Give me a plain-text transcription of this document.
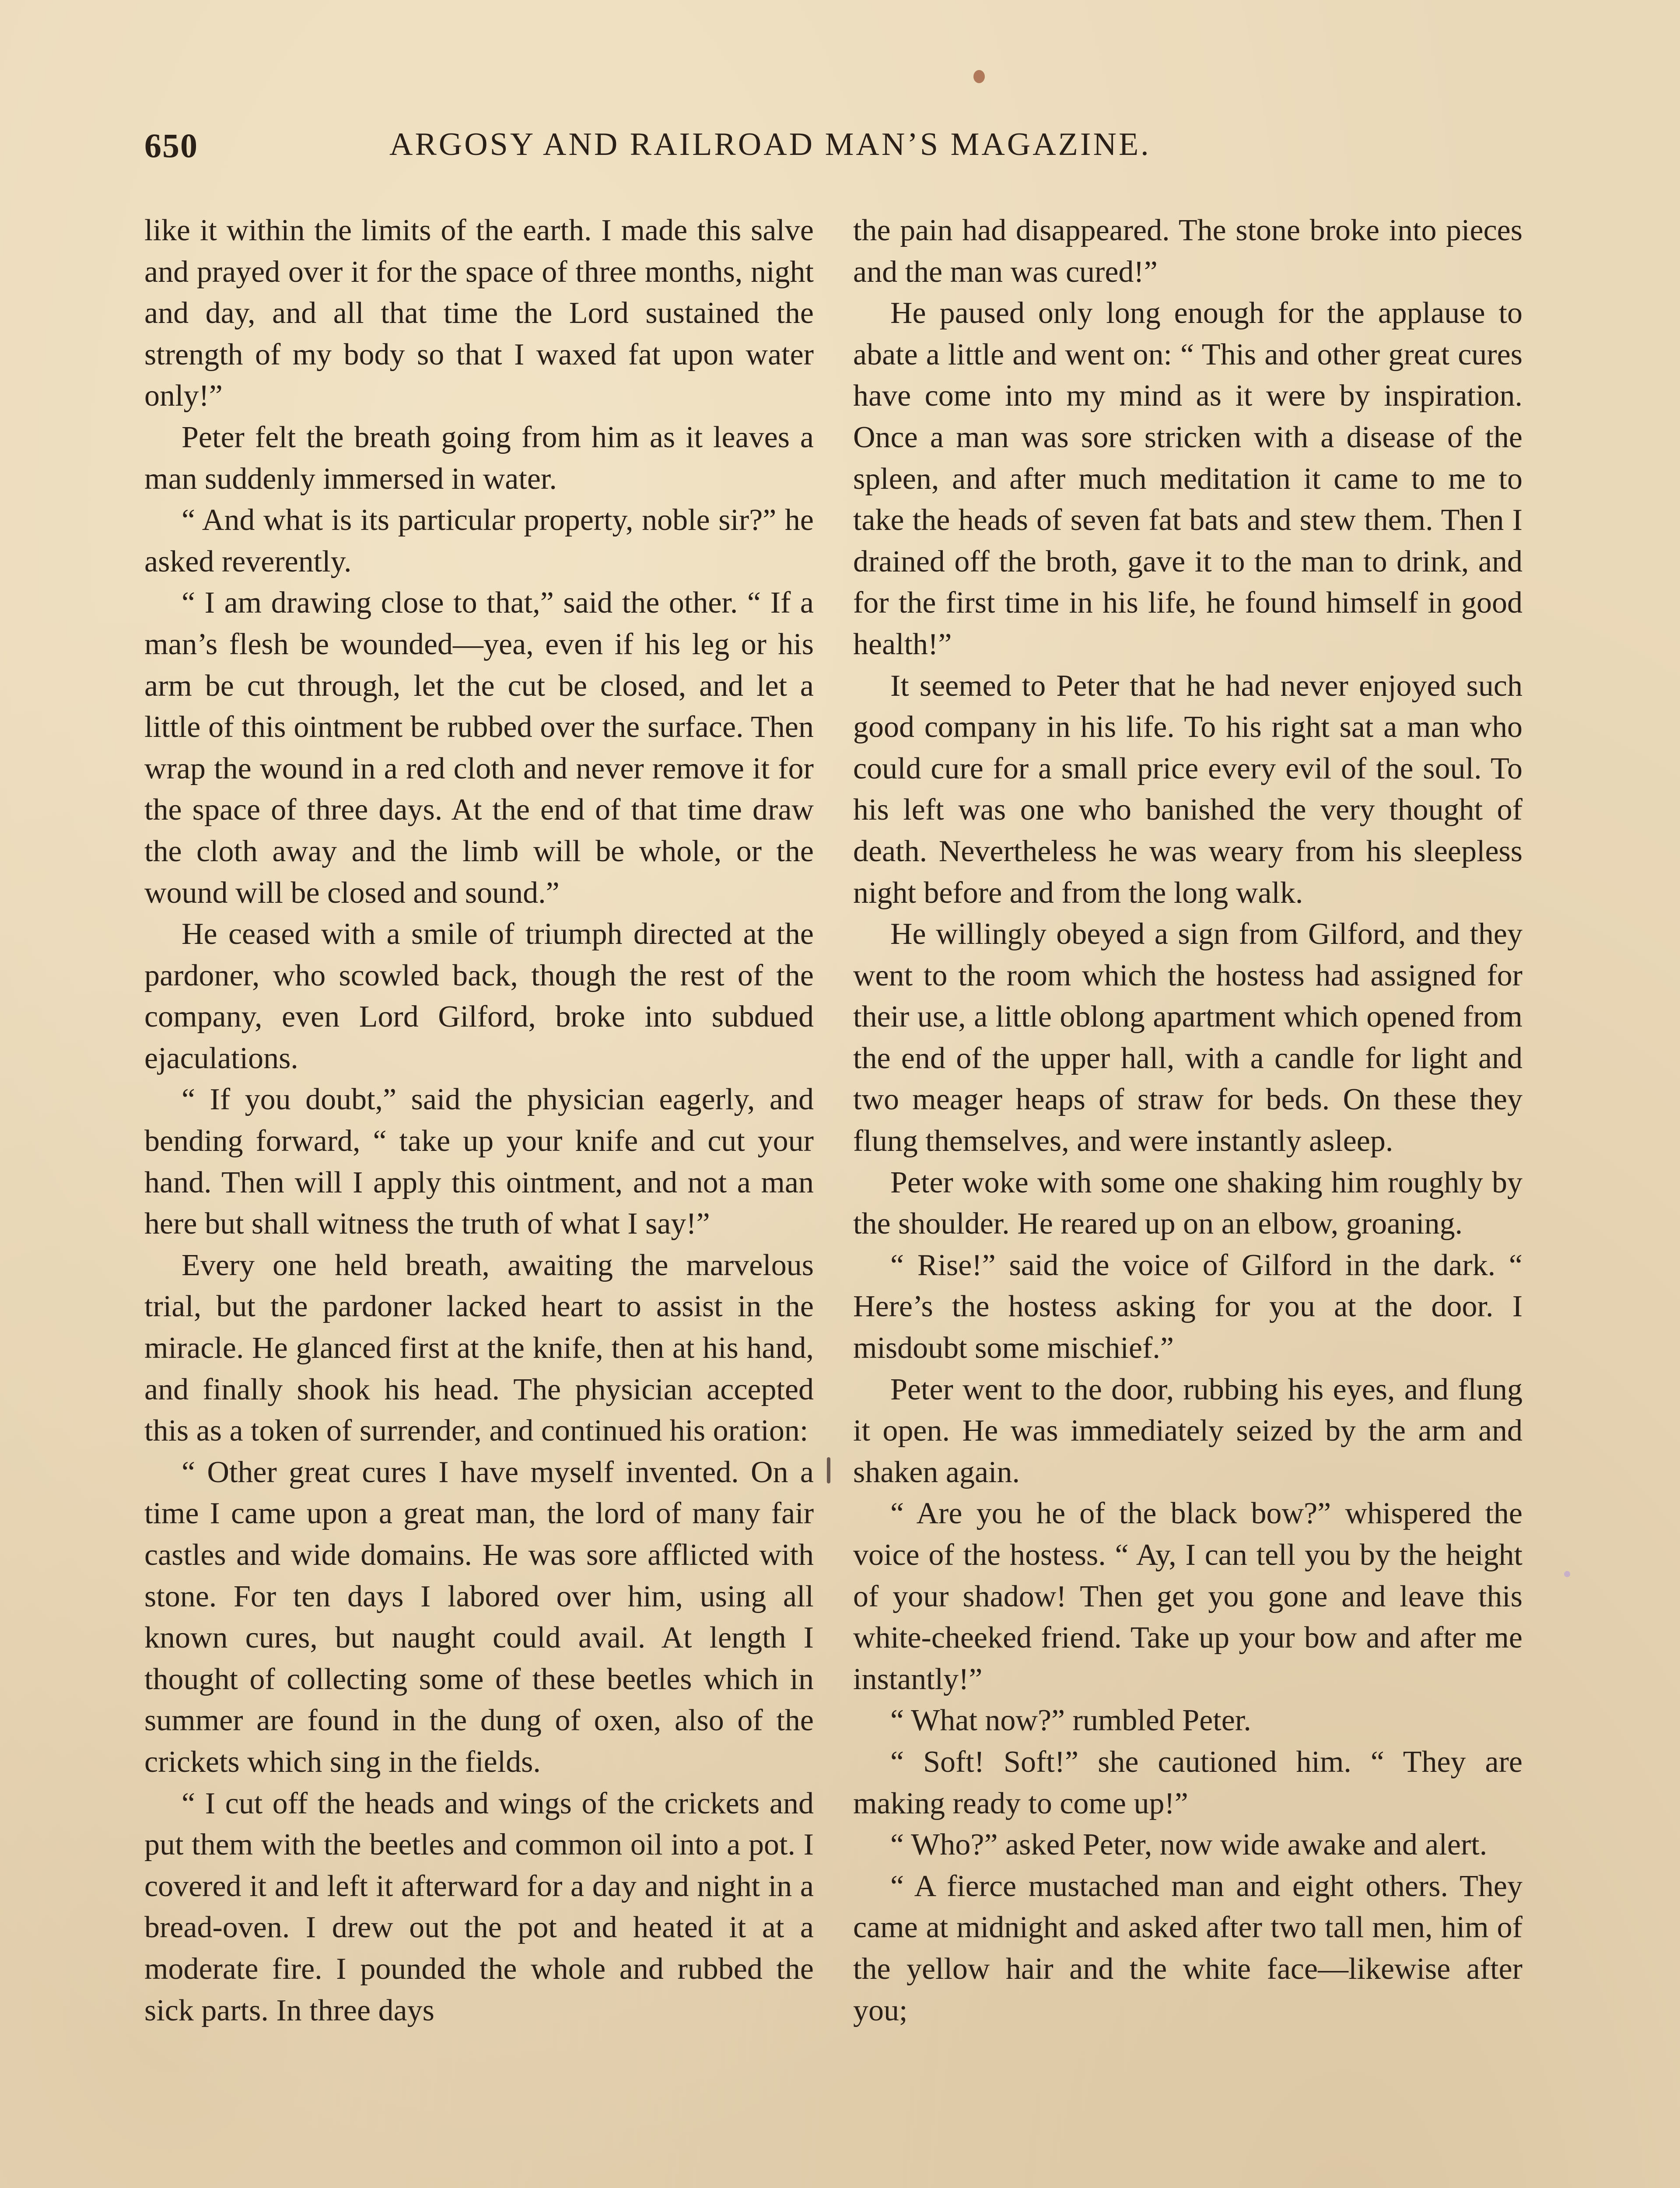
650	ARGOSY AND RAILROAD MAN’S MAGAZINE.

like it within the limits of the earth. I made this salve and prayed over it for the space of three months, night and day, and all that time the Lord sustained the strength of my body so that I waxed fat upon water only!”

Peter felt the breath going from him as it leaves a man suddenly immersed in water.

“ And what is its particular property, noble sir?” he asked reverently.

“ I am drawing close to that,” said the other. “ If a man’s flesh be wounded—yea, even if his leg or his arm be cut through, let the cut be closed, and let a little of this ointment be rubbed over the surface. Then wrap the wound in a red cloth and never remove it for the space of three days. At the end of that time draw the cloth away and the limb will be whole, or the wound will be closed and sound.”

He ceased with a smile of triumph directed at the pardoner, who scowled back, though the rest of the company, even Lord Gilford, broke into subdued ejaculations.

“ If you doubt,” said the physician eagerly, and bending forward, “ take up your knife and cut your hand. Then will I apply this ointment, and not a man here but shall witness the truth of what I say!”

Every one held breath, awaiting the marvelous trial, but the pardoner lacked heart to assist in the miracle. He glanced first at the knife, then at his hand, and finally shook his head. The physician accepted this as a token of surrender, and continued his oration:

“ Other great cures I have myself invented. On a time I came upon a great man, the lord of many fair castles and wide domains. He was sore afflicted with stone. For ten days I labored over him, using all known cures, but naught could avail. At length I thought of collecting some of these beetles which in summer are found in the dung of oxen, also of the crickets which sing in the fields.

“ I cut off the heads and wings of the crickets and put them with the beetles and common oil into a pot. I covered it and left it afterward for a day and night in a bread-oven. I drew out the pot and heated it at a moderate fire. I pounded the whole and rubbed the sick parts. In three days

the pain had disappeared. The stone broke into pieces and the man was cured!”

He paused only long enough for the applause to abate a little and went on: “ This and other great cures have come into my mind as it were by inspiration. Once a man was sore stricken with a disease of the spleen, and after much meditation it came to me to take the heads of seven fat bats and stew them. Then I drained off the broth, gave it to the man to drink, and for the first time in his life, he found himself in good health!”

It seemed to Peter that he had never enjoyed such good company in his life. To his right sat a man who could cure for a small price every evil of the soul. To his left was one who banished the very thought of death. Nevertheless he was weary from his sleepless night before and from the long walk.

He willingly obeyed a sign from Gilford, and they went to the room which the hostess had assigned for their use, a little oblong apartment which opened from the end of the upper hall, with a candle for light and two meager heaps of straw for beds. On these they flung themselves, and were instantly asleep.

Peter woke with some one shaking him roughly by the shoulder. He reared up on an elbow, groaning.

“ Rise!” said the voice of Gilford in the dark. “ Here’s the hostess asking for you at the door. I misdoubt some mischief.”

Peter went to the door, rubbing his eyes, and flung it open. He was immediately seized by the arm and shaken again.

“ Are you he of the black bow?” whispered the voice of the hostess. “ Ay, I can tell you by the height of your shadow! Then get you gone and leave this white-cheeked friend. Take up your bow and after me instantly!”

“ What now?” rumbled Peter.

“ Soft! Soft!” she cautioned him. “ They are making ready to come up!”

“ Who?” asked Peter, now wide awake and alert.

“ A fierce mustached man and eight others. They came at midnight and asked after two tall men, him of the yellow hair and the white face—likewise after you;
